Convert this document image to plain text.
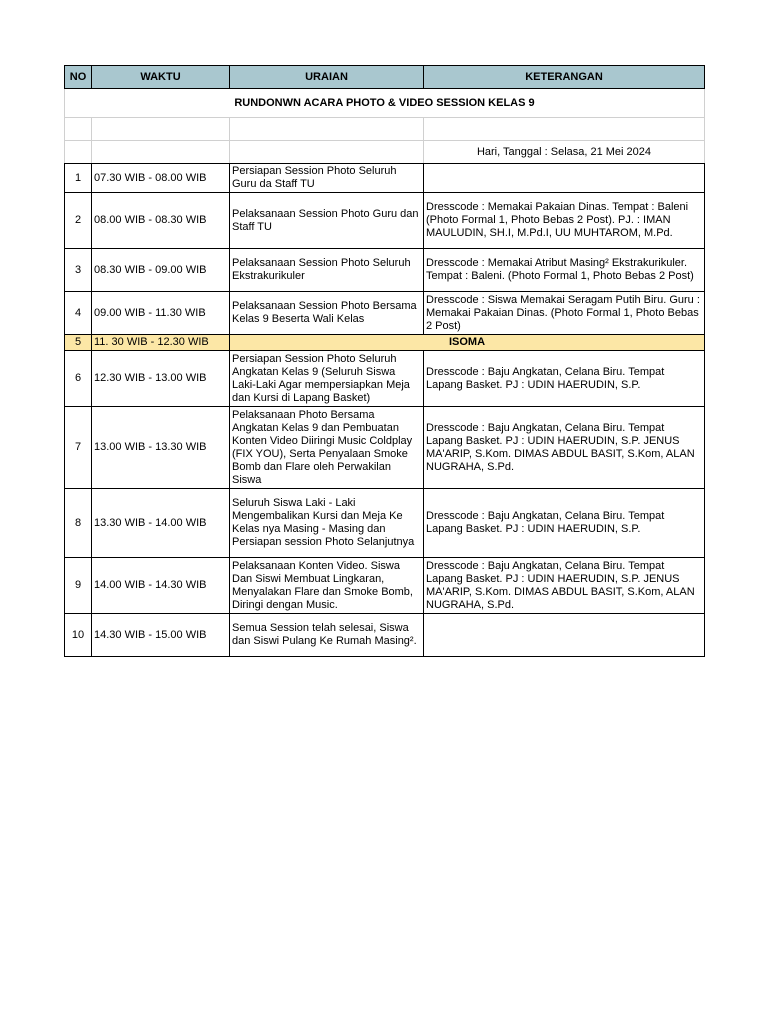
RUNDONWN ACARA PHOTO & VIDEO SESSION KELAS 9			

			Hari, Tanggal : Selasa, 21 Mei 2024
NO	WAKTU	URAIAN	KETERANGAN
1	07.30 WIB - 08.00 WIB	Persiapan Session Photo Seluruh Guru da Staff TU	
2	08.00 WIB - 08.30 WIB	Pelaksanaan Session Photo Guru dan Staff TU	Dresscode : Memakai Pakaian Dinas. Tempat : Baleni (Photo Formal 1, Photo Bebas 2 Post). PJ. : IMAN MAULUDIN, SH.I, M.Pd.I, UU MUHTAROM, M.Pd.
3	08.30 WIB - 09.00 WIB	Pelaksanaan Session Photo Seluruh Ekstrakurikuler	Dresscode : Memakai Atribut Masing² Ekstrakurikuler. Tempat : Baleni. (Photo Formal 1, Photo Bebas 2 Post)
4	09.00 WIB - 11.30 WIB	Pelaksanaan Session Photo Bersama Kelas 9 Beserta Wali Kelas	Dresscode : Siswa Memakai Seragam Putih Biru. Guru : Memakai Pakaian Dinas. (Photo Formal 1, Photo Bebas 2 Post)
5	11. 30 WIB - 12.30 WIB	ISOMA	
6	12.30 WIB - 13.00 WIB	Persiapan Session Photo Seluruh Angkatan Kelas 9 (Seluruh Siswa Laki-Laki Agar mempersiapkan Meja dan Kursi di Lapang Basket)	Dresscode : Baju Angkatan, Celana Biru. Tempat Lapang Basket. PJ : UDIN HAERUDIN, S.P.
7	13.00 WIB - 13.30 WIB	Pelaksanaan Photo Bersama Angkatan Kelas 9 dan Pembuatan Konten Video Diiringi Music Coldplay (FIX YOU), Serta Penyalaan Smoke Bomb dan Flare oleh Perwakilan Siswa	Dresscode : Baju Angkatan, Celana Biru. Tempat Lapang Basket. PJ : UDIN HAERUDIN, S.P. JENUS MA'ARIP, S.Kom. DIMAS ABDUL BASIT, S.Kom, ALAN NUGRAHA, S.Pd.
8	13.30 WIB - 14.00 WIB	Seluruh Siswa Laki - Laki Mengembalikan Kursi dan Meja Ke Kelas nya Masing - Masing dan Persiapan session Photo Selanjutnya	Dresscode : Baju Angkatan, Celana Biru. Tempat Lapang Basket. PJ : UDIN HAERUDIN, S.P.
9	14.00 WIB - 14.30 WIB	Pelaksanaan Konten Video. Siswa Dan Siswi Membuat Lingkaran, Menyalakan Flare dan Smoke Bomb, Diringi dengan Music.	Dresscode : Baju Angkatan, Celana Biru. Tempat Lapang Basket. PJ : UDIN HAERUDIN, S.P. JENUS MA'ARIP, S.Kom. DIMAS ABDUL BASIT, S.Kom, ALAN NUGRAHA, S.Pd.
10	14.30 WIB - 15.00 WIB	Semua Session telah selesai, Siswa dan Siswi Pulang Ke Rumah Masing².	
